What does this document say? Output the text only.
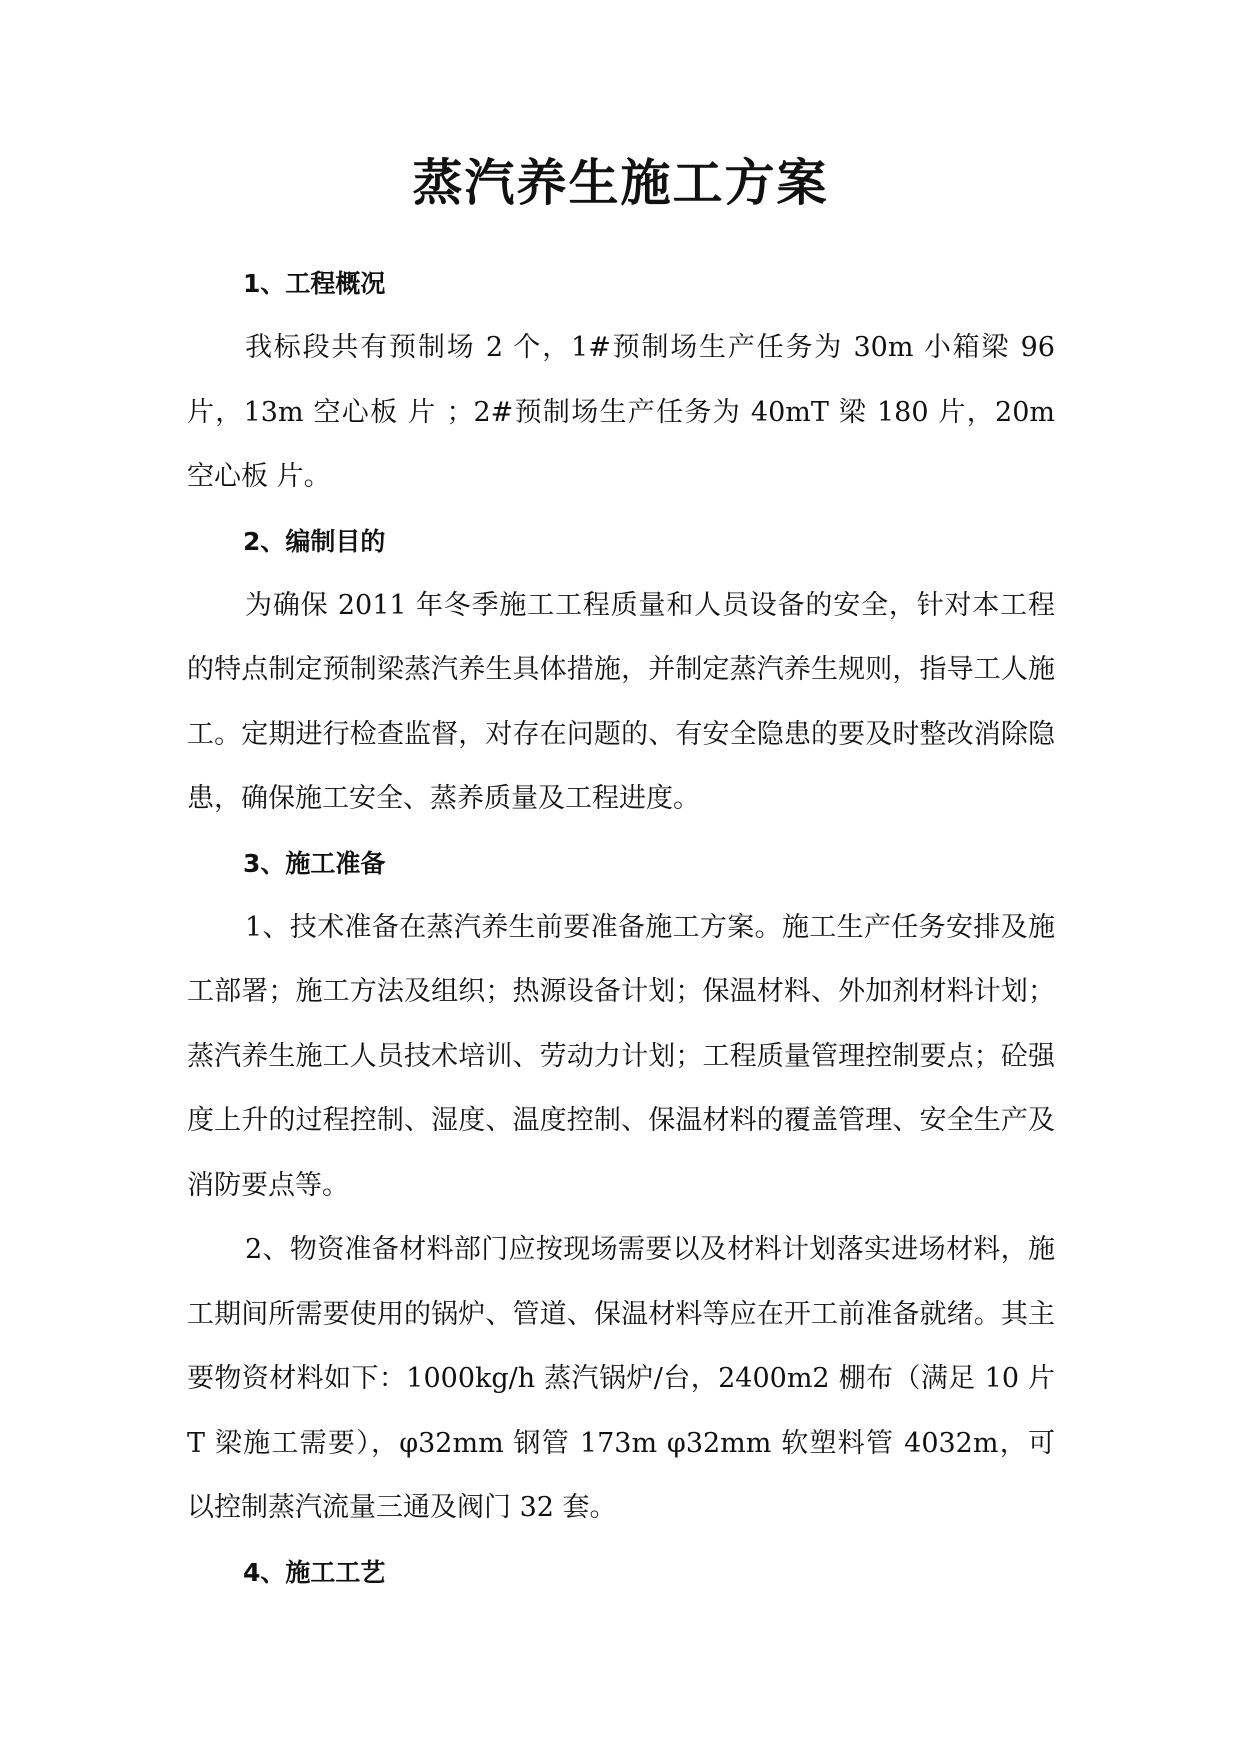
蒸汽养生施工方案
1、工程概况

我标段共有预制场 2 个，1#预制场生产任务为 30m 小箱梁 96 片，13m 空心板 片 ；2#预制场生产任务为 40mT 梁 180 片，20m 空心板 片。

2、编制目的

为确保 2011 年冬季施工工程质量和人员设备的安全，针对本工程的特点制定预制梁蒸汽养生具体措施，并制定蒸汽养生规则，指导工人施工。定期进行检查监督，对存在问题的、有安全隐患的要及时整改消除隐患，确保施工安全、蒸养质量及工程进度。

3、施工准备

1、技术准备在蒸汽养生前要准备施工方案。施工生产任务安排及施工部署；施工方法及组织；热源设备计划；保温材料、外加剂材料计划；蒸汽养生施工人员技术培训、劳动力计划；工程质量管理控制要点；砼强度上升的过程控制、湿度、温度控制、保温材料的覆盖管理、安全生产及消防要点等。

2、物资准备材料部门应按现场需要以及材料计划落实进场材料，施工期间所需要使用的锅炉、管道、保温材料等应在开工前准备就绪。其主要物资材料如下：1000kg/h 蒸汽锅炉/台，2400m2 棚布（满足 10 片 T 梁施工需要），φ32mm 钢管 173m φ32mm 软塑料管 4032m，可以控制蒸汽流量三通及阀门 32 套。

4、施工工艺
